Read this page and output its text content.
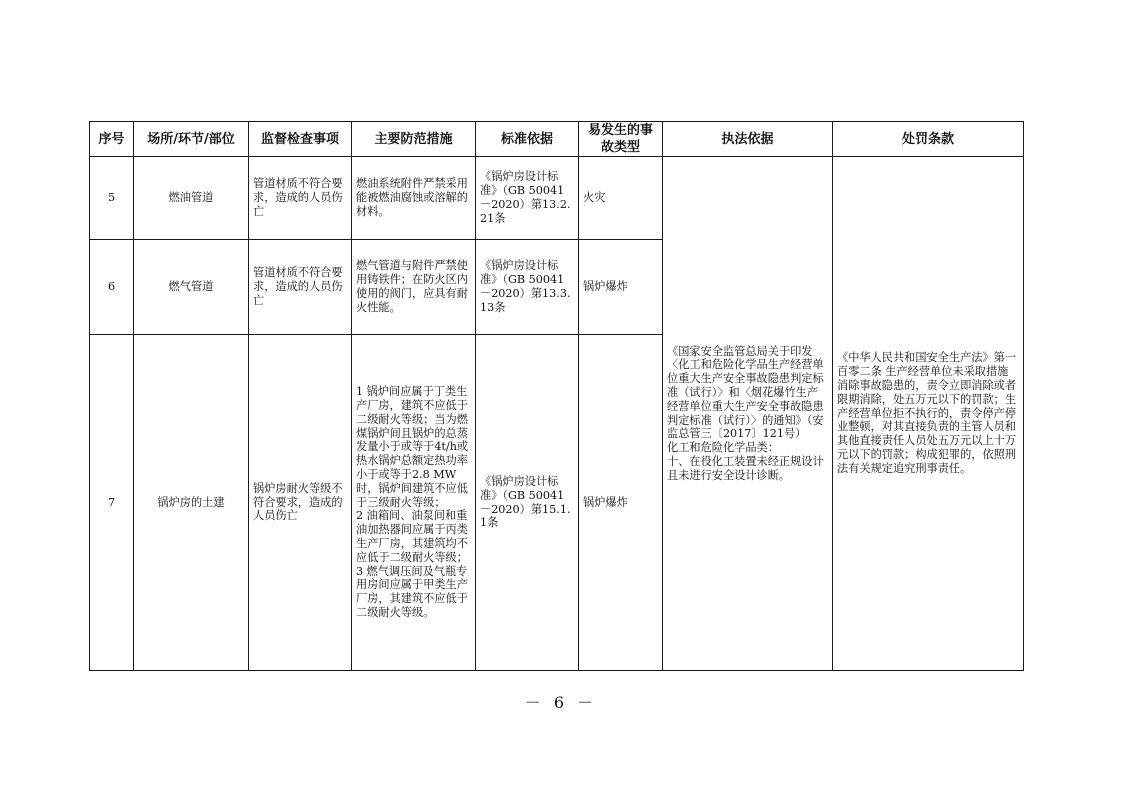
序号	场所/环节/部位	监督检查事项	主要防范措施	标准依据	易发生的事故类型	执法依据	处罚条款
5	燃油管道	管道材质不符合要求，造成的人员伤亡	燃油系统附件严禁采用能被燃油腐蚀或溶解的材料。	《锅炉房设计标准》（GB 50041－2020）第13.2.21条	火灾	《国家安全监管总局关于印发〈化工和危险化学品生产经营单位重大生产安全事故隐患判定标准（试行）〉和〈烟花爆竹生产经营单位重大生产安全事故隐患判定标准（试行）〉的通知》（安监总管三〔2017〕121号）
化工和危险化学品类：
十、在役化工装置未经正规设计且未进行安全设计诊断。	《中华人民共和国安全生产法》第一百零二条 生产经营单位未采取措施消除事故隐患的，责令立即消除或者限期消除，处五万元以下的罚款；生产经营单位拒不执行的，责令停产停业整顿，对其直接负责的主管人员和其他直接责任人员处五万元以上十万元以下的罚款；构成犯罪的，依照刑法有关规定追究刑事责任。

6	燃气管道	管道材质不符合要求，造成的人员伤亡	燃气管道与附件严禁使用铸铁件；在防火区内使用的阀门，应具有耐火性能。	《锅炉房设计标准》（GB 50041－2020）第13.3.13条	锅炉爆炸		
7	锅炉房的土建	锅炉房耐火等级不符合要求，造成的人员伤亡	1 锅炉间应属于丁类生产厂房，建筑不应低于二级耐火等级；当为燃煤锅炉间且锅炉的总蒸发量小于或等于4t/h或热水锅炉总额定热功率小于或等于2.8 MW时，锅炉间建筑不应低于三级耐火等级；
2 油箱间、油泵间和重油加热器间应属于丙类生产厂房，其建筑均不应低于二级耐火等级；
3 燃气调压间及气瓶专用房间应属于甲类生产厂房，其建筑不应低于二级耐火等级。	《锅炉房设计标准》（GB 50041－2020）第15.1.1条	锅炉爆炸		
－ 6 －
